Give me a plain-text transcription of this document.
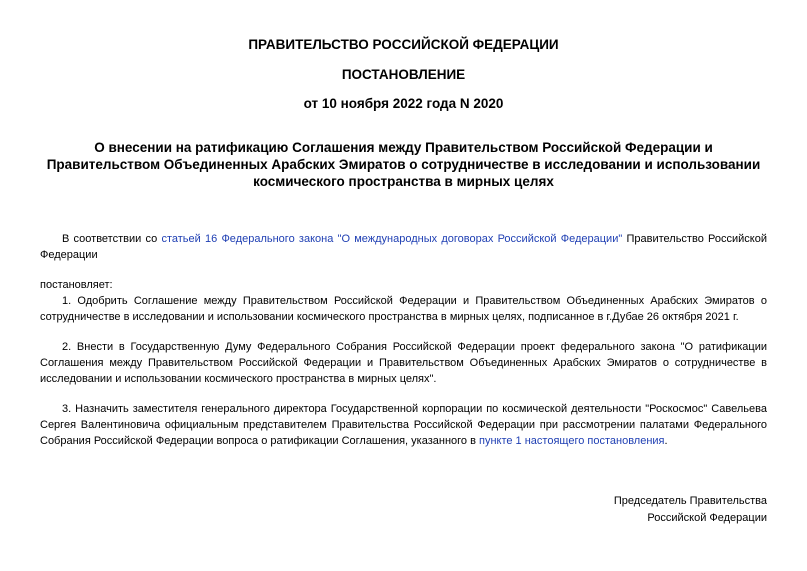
ПРАВИТЕЛЬСТВО РОССИЙСКОЙ ФЕДЕРАЦИИ
ПОСТАНОВЛЕНИЕ
от 10 ноября 2022 года N 2020
О внесении на ратификацию Соглашения между Правительством Российской Федерации и Правительством Объединенных Арабских Эмиратов о сотрудничестве в исследовании и использовании космического пространства в мирных целях
В соответствии со статьей 16 Федерального закона "О международных договорах Российской Федерации" Правительство Российской Федерации
постановляет:
1. Одобрить Соглашение между Правительством Российской Федерации и Правительством Объединенных Арабских Эмиратов о сотрудничестве в исследовании и использовании космического пространства в мирных целях, подписанное в г.Дубае 26 октября 2021 г.
2. Внести в Государственную Думу Федерального Собрания Российской Федерации проект федерального закона "О ратификации Соглашения между Правительством Российской Федерации и Правительством Объединенных Арабских Эмиратов о сотрудничестве в исследовании и использовании космического пространства в мирных целях".
3. Назначить заместителя генерального директора Государственной корпорации по космической деятельности "Роскосмос" Савельева Сергея Валентиновича официальным представителем Правительства Российской Федерации при рассмотрении палатами Федерального Собрания Российской Федерации вопроса о ратификации Соглашения, указанного в пункте 1 настоящего постановления.
Председатель Правительства
Российской Федерации
